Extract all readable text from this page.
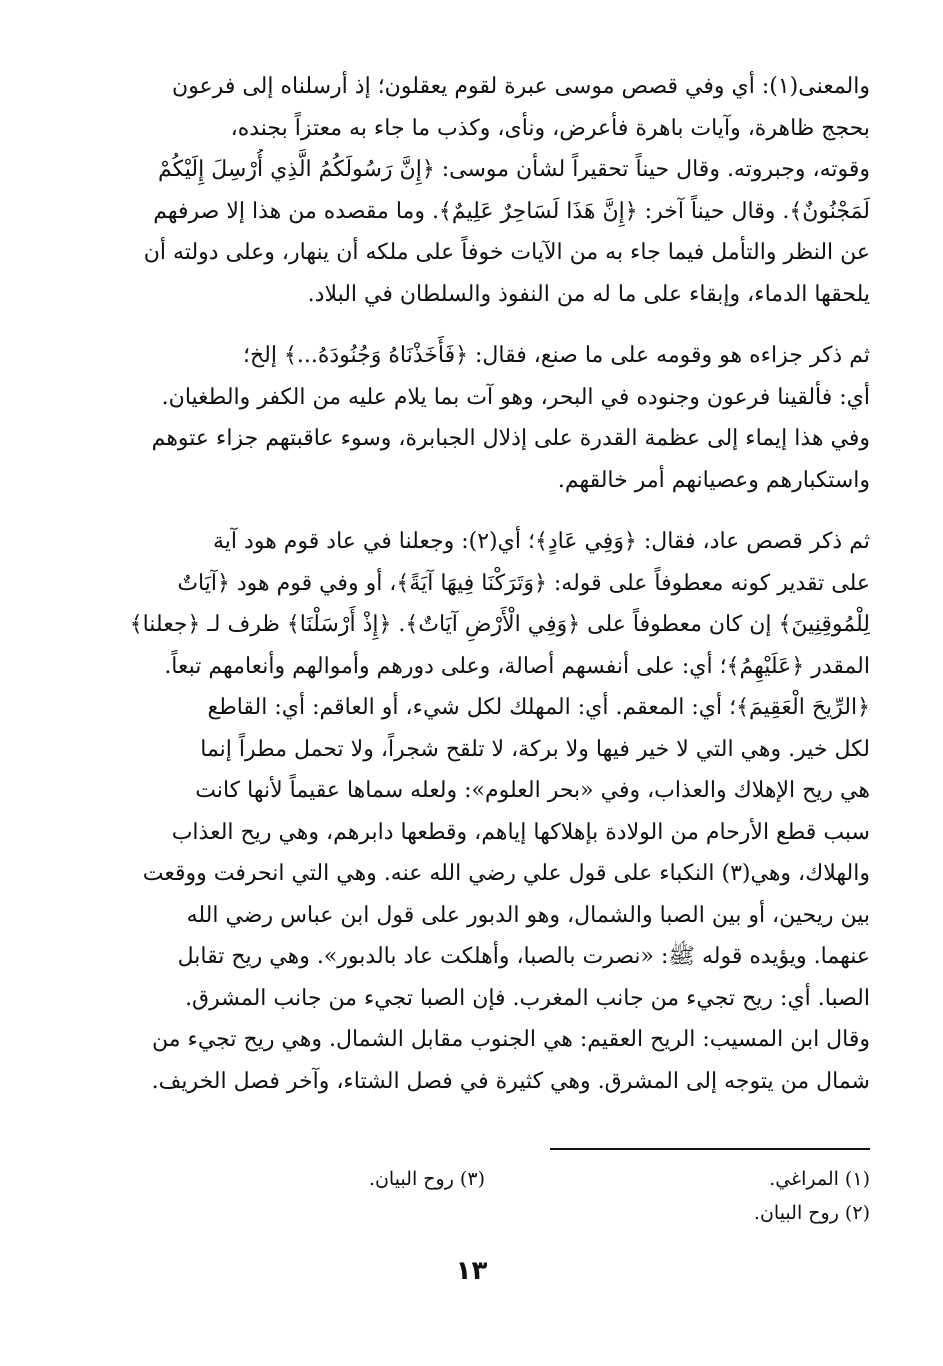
والمعنى(١): أي وفي قصص موسى عبرة لقوم يعقلون؛ إذ أرسلناه إلى فرعون
بحجج ظاهرة، وآيات باهرة فأعرض، ونأى، وكذب ما جاء به معتزاً بجنده،
وقوته، وجبروته. وقال حيناً تحقيراً لشأن موسى: ﴿إِنَّ رَسُولَكُمُ الَّذِي أُرْسِلَ إِلَيْكُمْ
لَمَجْنُونٌ﴾. وقال حيناً آخر: ﴿إِنَّ هَذَا لَسَاحِرٌ عَلِيمٌ﴾. وما مقصده من هذا إلا صرفهم
عن النظر والتأمل فيما جاء به من الآيات خوفاً على ملكه أن ينهار، وعلى دولته أن
يلحقها الدماء، وإبقاء على ما له من النفوذ والسلطان في البلاد.

ثم ذكر جزاءه هو وقومه على ما صنع، فقال: ﴿فَأَخَذْنَاهُ وَجُنُودَهُ...﴾ إلخ؛
أي: فألقينا فرعون وجنوده في البحر، وهو آت بما يلام عليه من الكفر والطغيان.
وفي هذا إيماء إلى عظمة القدرة على إذلال الجبابرة، وسوء عاقبتهم جزاء عتوهم
واستكبارهم وعصيانهم أمر خالقهم.

ثم ذكر قصص عاد، فقال: ﴿وَفِي عَادٍ﴾؛ أي(٢): وجعلنا في عاد قوم هود آية
على تقدير كونه معطوفاً على قوله: ﴿وَتَرَكْنَا فِيهَا آيَةً﴾، أو وفي قوم هود ﴿آيَاتٌ
لِلْمُوقِنِينَ﴾ إن كان معطوفاً على ﴿وَفِي الْأَرْضِ آيَاتٌ﴾. ﴿إِذْ أَرْسَلْنَا﴾ ظرف لـ ﴿جعلنا﴾
المقدر ﴿عَلَيْهِمُ﴾؛ أي: على أنفسهم أصالة، وعلى دورهم وأموالهم وأنعامهم تبعاً.
﴿الرِّيحَ الْعَقِيمَ﴾؛ أي: المعقم. أي: المهلك لكل شيء، أو العاقم: أي: القاطع
لكل خير. وهي التي لا خير فيها ولا بركة، لا تلقح شجراً، ولا تحمل مطراً إنما
هي ريح الإهلاك والعذاب، وفي «بحر العلوم»: ولعله سماها عقيماً لأنها كانت
سبب قطع الأرحام من الولادة بإهلاكها إياهم، وقطعها دابرهم، وهي ريح العذاب
والهلاك، وهي(٣) النكباء على قول علي رضي الله عنه. وهي التي انحرفت ووقعت
بين ريحين، أو بين الصبا والشمال، وهو الدبور على قول ابن عباس رضي الله
عنهما. ويؤيده قوله ﷺ: «نصرت بالصبا، وأهلكت عاد بالدبور». وهي ريح تقابل
الصبا. أي: ريح تجيء من جانب المغرب. فإن الصبا تجيء من جانب المشرق.
وقال ابن المسيب: الريح العقيم: هي الجنوب مقابل الشمال. وهي ريح تجيء من
شمال من يتوجه إلى المشرق. وهي كثيرة في فصل الشتاء، وآخر فصل الخريف.

(١) المراغي.
(٣) روح البيان.
(٢) روح البيان.
١٣
